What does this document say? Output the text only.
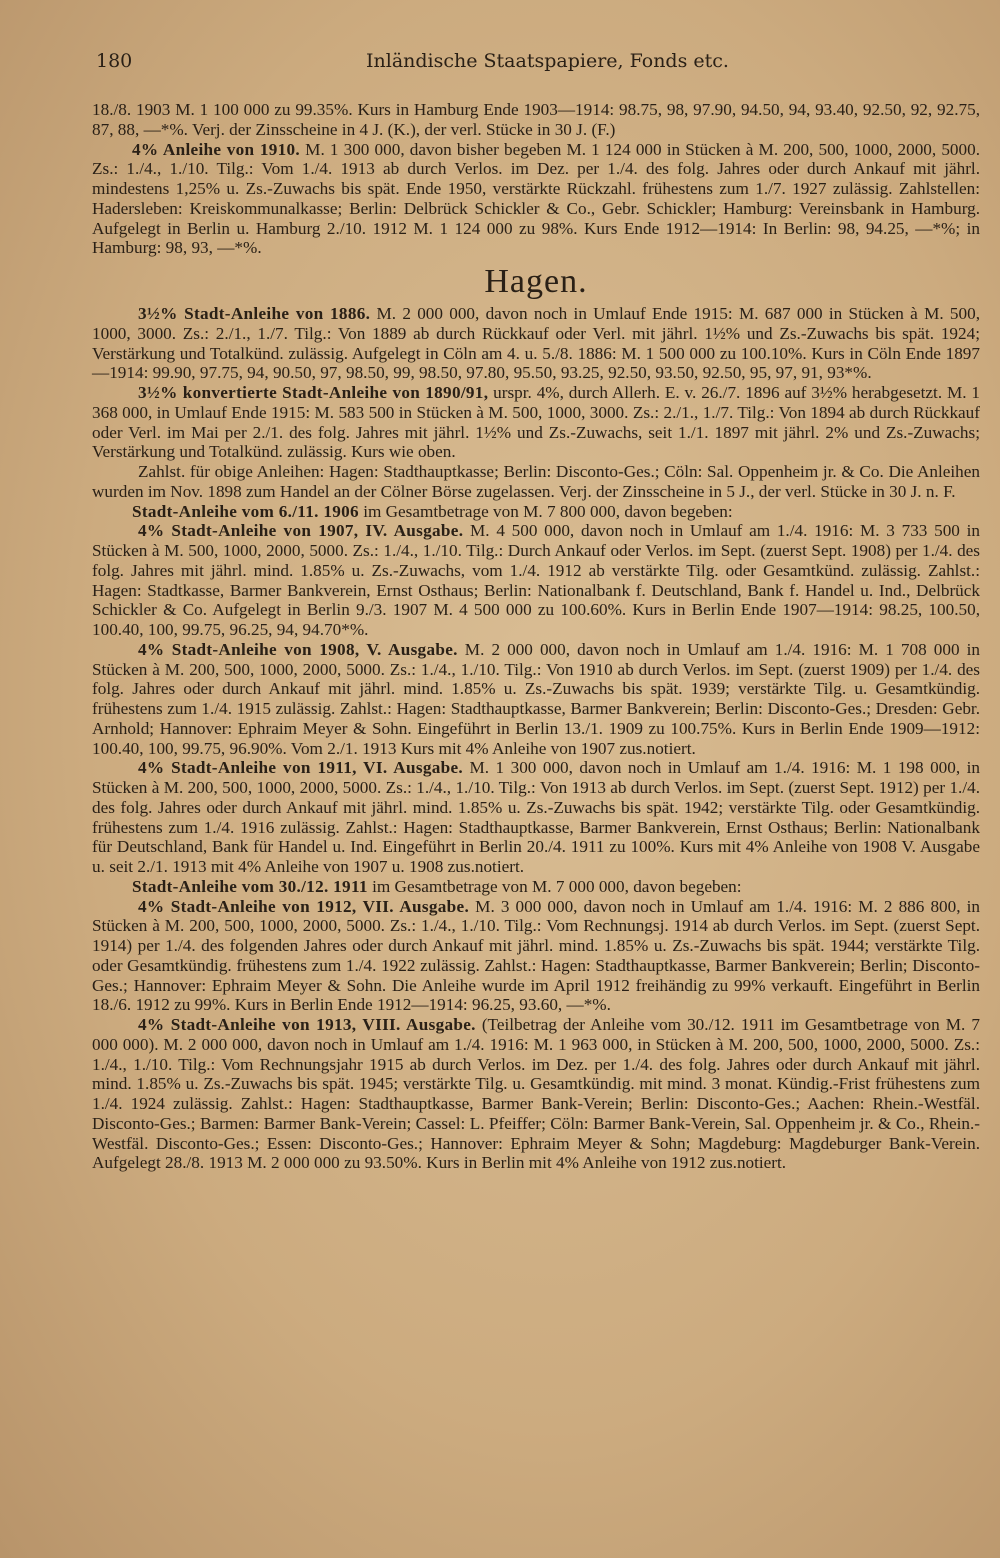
180	Inländische Staatspapiere, Fonds etc.

18./8. 1903 M. 1 100 000 zu 99.35%. Kurs in Hamburg Ende 1903—1914: 98.75, 98, 97.90, 94.50, 94, 93.40, 92.50, 92, 92.75, 87, 88, —*%. Verj. der Zinsscheine in 4 J. (K.), der verl. Stücke in 30 J. (F.)

4% Anleihe von 1910. M. 1 300 000, davon bisher begeben M. 1 124 000 in Stücken à M. 200, 500, 1000, 2000, 5000. Zs.: 1./4., 1./10. Tilg.: Vom 1./4. 1913 ab durch Verlos. im Dez. per 1./4. des folg. Jahres oder durch Ankauf mit jährl. mindestens 1,25% u. Zs.-Zuwachs bis spät. Ende 1950, verstärkte Rückzahl. frühestens zum 1./7. 1927 zulässig. Zahlstellen: Hadersleben: Kreiskommunalkasse; Berlin: Delbrück Schickler & Co., Gebr. Schickler; Hamburg: Vereinsbank in Hamburg. Aufgelegt in Berlin u. Hamburg 2./10. 1912 M. 1 124 000 zu 98%. Kurs Ende 1912—1914: In Berlin: 98, 94.25, —*%; in Hamburg: 98, 93, —*%.

Hagen.

3½% Stadt-Anleihe von 1886. M. 2 000 000, davon noch in Umlauf Ende 1915: M. 687 000 in Stücken à M. 500, 1000, 3000. Zs.: 2./1., 1./7. Tilg.: Von 1889 ab durch Rückkauf oder Verl. mit jährl. 1½% und Zs.-Zuwachs bis spät. 1924; Verstärkung und Totalkünd. zulässig. Aufgelegt in Cöln am 4. u. 5./8. 1886: M. 1 500 000 zu 100.10%. Kurs in Cöln Ende 1897—1914: 99.90, 97.75, 94, 90.50, 97, 98.50, 99, 98.50, 97.80, 95.50, 93.25, 92.50, 93.50, 92.50, 95, 97, 91, 93*%.

3½% konvertierte Stadt-Anleihe von 1890/91, urspr. 4%, durch Allerh. E. v. 26./7. 1896 auf 3½% herabgesetzt. M. 1 368 000, in Umlauf Ende 1915: M. 583 500 in Stücken à M. 500, 1000, 3000. Zs.: 2./1., 1./7. Tilg.: Von 1894 ab durch Rückkauf oder Verl. im Mai per 2./1. des folg. Jahres mit jährl. 1½% und Zs.-Zuwachs, seit 1./1. 1897 mit jährl. 2% und Zs.-Zuwachs; Verstärkung und Totalkünd. zulässig. Kurs wie oben.

Zahlst. für obige Anleihen: Hagen: Stadthauptkasse; Berlin: Disconto-Ges.; Cöln: Sal. Oppenheim jr. & Co. Die Anleihen wurden im Nov. 1898 zum Handel an der Cölner Börse zugelassen. Verj. der Zinsscheine in 5 J., der verl. Stücke in 30 J. n. F.

Stadt-Anleihe vom 6./11. 1906 im Gesamtbetrage von M. 7 800 000, davon begeben:

4% Stadt-Anleihe von 1907, IV. Ausgabe. M. 4 500 000, davon noch in Umlauf am 1./4. 1916: M. 3 733 500 in Stücken à M. 500, 1000, 2000, 5000. Zs.: 1./4., 1./10. Tilg.: Durch Ankauf oder Verlos. im Sept. (zuerst Sept. 1908) per 1./4. des folg. Jahres mit jährl. mind. 1.85% u. Zs.-Zuwachs, vom 1./4. 1912 ab verstärkte Tilg. oder Gesamtkünd. zulässig. Zahlst.: Hagen: Stadtkasse, Barmer Bankverein, Ernst Osthaus; Berlin: Nationalbank f. Deutschland, Bank f. Handel u. Ind., Delbrück Schickler & Co. Aufgelegt in Berlin 9./3. 1907 M. 4 500 000 zu 100.60%. Kurs in Berlin Ende 1907—1914: 98.25, 100.50, 100.40, 100, 99.75, 96.25, 94, 94.70*%.

4% Stadt-Anleihe von 1908, V. Ausgabe. M. 2 000 000, davon noch in Umlauf am 1./4. 1916: M. 1 708 000 in Stücken à M. 200, 500, 1000, 2000, 5000. Zs.: 1./4., 1./10. Tilg.: Von 1910 ab durch Verlos. im Sept. (zuerst 1909) per 1./4. des folg. Jahres oder durch Ankauf mit jährl. mind. 1.85% u. Zs.-Zuwachs bis spät. 1939; verstärkte Tilg. u. Gesamtkündig. frühestens zum 1./4. 1915 zulässig. Zahlst.: Hagen: Stadthauptkasse, Barmer Bankverein; Berlin: Disconto-Ges.; Dresden: Gebr. Arnhold; Hannover: Ephraim Meyer & Sohn. Eingeführt in Berlin 13./1. 1909 zu 100.75%. Kurs in Berlin Ende 1909—1912: 100.40, 100, 99.75, 96.90%. Vom 2./1. 1913 Kurs mit 4% Anleihe von 1907 zus.notiert.

4% Stadt-Anleihe von 1911, VI. Ausgabe. M. 1 300 000, davon noch in Umlauf am 1./4. 1916: M. 1 198 000, in Stücken à M. 200, 500, 1000, 2000, 5000. Zs.: 1./4., 1./10. Tilg.: Von 1913 ab durch Verlos. im Sept. (zuerst Sept. 1912) per 1./4. des folg. Jahres oder durch Ankauf mit jährl. mind. 1.85% u. Zs.-Zuwachs bis spät. 1942; verstärkte Tilg. oder Gesamtkündig. frühestens zum 1./4. 1916 zulässig. Zahlst.: Hagen: Stadthauptkasse, Barmer Bankverein, Ernst Osthaus; Berlin: Nationalbank für Deutschland, Bank für Handel u. Ind. Eingeführt in Berlin 20./4. 1911 zu 100%. Kurs mit 4% Anleihe von 1908 V. Ausgabe u. seit 2./1. 1913 mit 4% Anleihe von 1907 u. 1908 zus.notiert.

Stadt-Anleihe vom 30./12. 1911 im Gesamtbetrage von M. 7 000 000, davon begeben:

4% Stadt-Anleihe von 1912, VII. Ausgabe. M. 3 000 000, davon noch in Umlauf am 1./4. 1916: M. 2 886 800, in Stücken à M. 200, 500, 1000, 2000, 5000. Zs.: 1./4., 1./10. Tilg.: Vom Rechnungsj. 1914 ab durch Verlos. im Sept. (zuerst Sept. 1914) per 1./4. des folgenden Jahres oder durch Ankauf mit jährl. mind. 1.85% u. Zs.-Zuwachs bis spät. 1944; verstärkte Tilg. oder Gesamtkündig. frühestens zum 1./4. 1922 zulässig. Zahlst.: Hagen: Stadthauptkasse, Barmer Bankverein; Berlin; Disconto-Ges.; Hannover: Ephraim Meyer & Sohn. Die Anleihe wurde im April 1912 freihändig zu 99% verkauft. Eingeführt in Berlin 18./6. 1912 zu 99%. Kurs in Berlin Ende 1912—1914: 96.25, 93.60, —*%.

4% Stadt-Anleihe von 1913, VIII. Ausgabe. (Teilbetrag der Anleihe vom 30./12. 1911 im Gesamtbetrage von M. 7 000 000). M. 2 000 000, davon noch in Umlauf am 1./4. 1916: M. 1 963 000, in Stücken à M. 200, 500, 1000, 2000, 5000. Zs.: 1./4., 1./10. Tilg.: Vom Rechnungsjahr 1915 ab durch Verlos. im Dez. per 1./4. des folg. Jahres oder durch Ankauf mit jährl. mind. 1.85% u. Zs.-Zuwachs bis spät. 1945; verstärkte Tilg. u. Gesamtkündig. mit mind. 3 monat. Kündig.-Frist frühestens zum 1./4. 1924 zulässig. Zahlst.: Hagen: Stadthauptkasse, Barmer Bank-Verein; Berlin: Disconto-Ges.; Aachen: Rhein.-Westfäl. Disconto-Ges.; Barmen: Barmer Bank-Verein; Cassel: L. Pfeiffer; Cöln: Barmer Bank-Verein, Sal. Oppenheim jr. & Co., Rhein.-Westfäl. Disconto-Ges.; Essen: Disconto-Ges.; Hannover: Ephraim Meyer & Sohn; Magdeburg: Magdeburger Bank-Verein. Aufgelegt 28./8. 1913 M. 2 000 000 zu 93.50%. Kurs in Berlin mit 4% Anleihe von 1912 zus.notiert.
